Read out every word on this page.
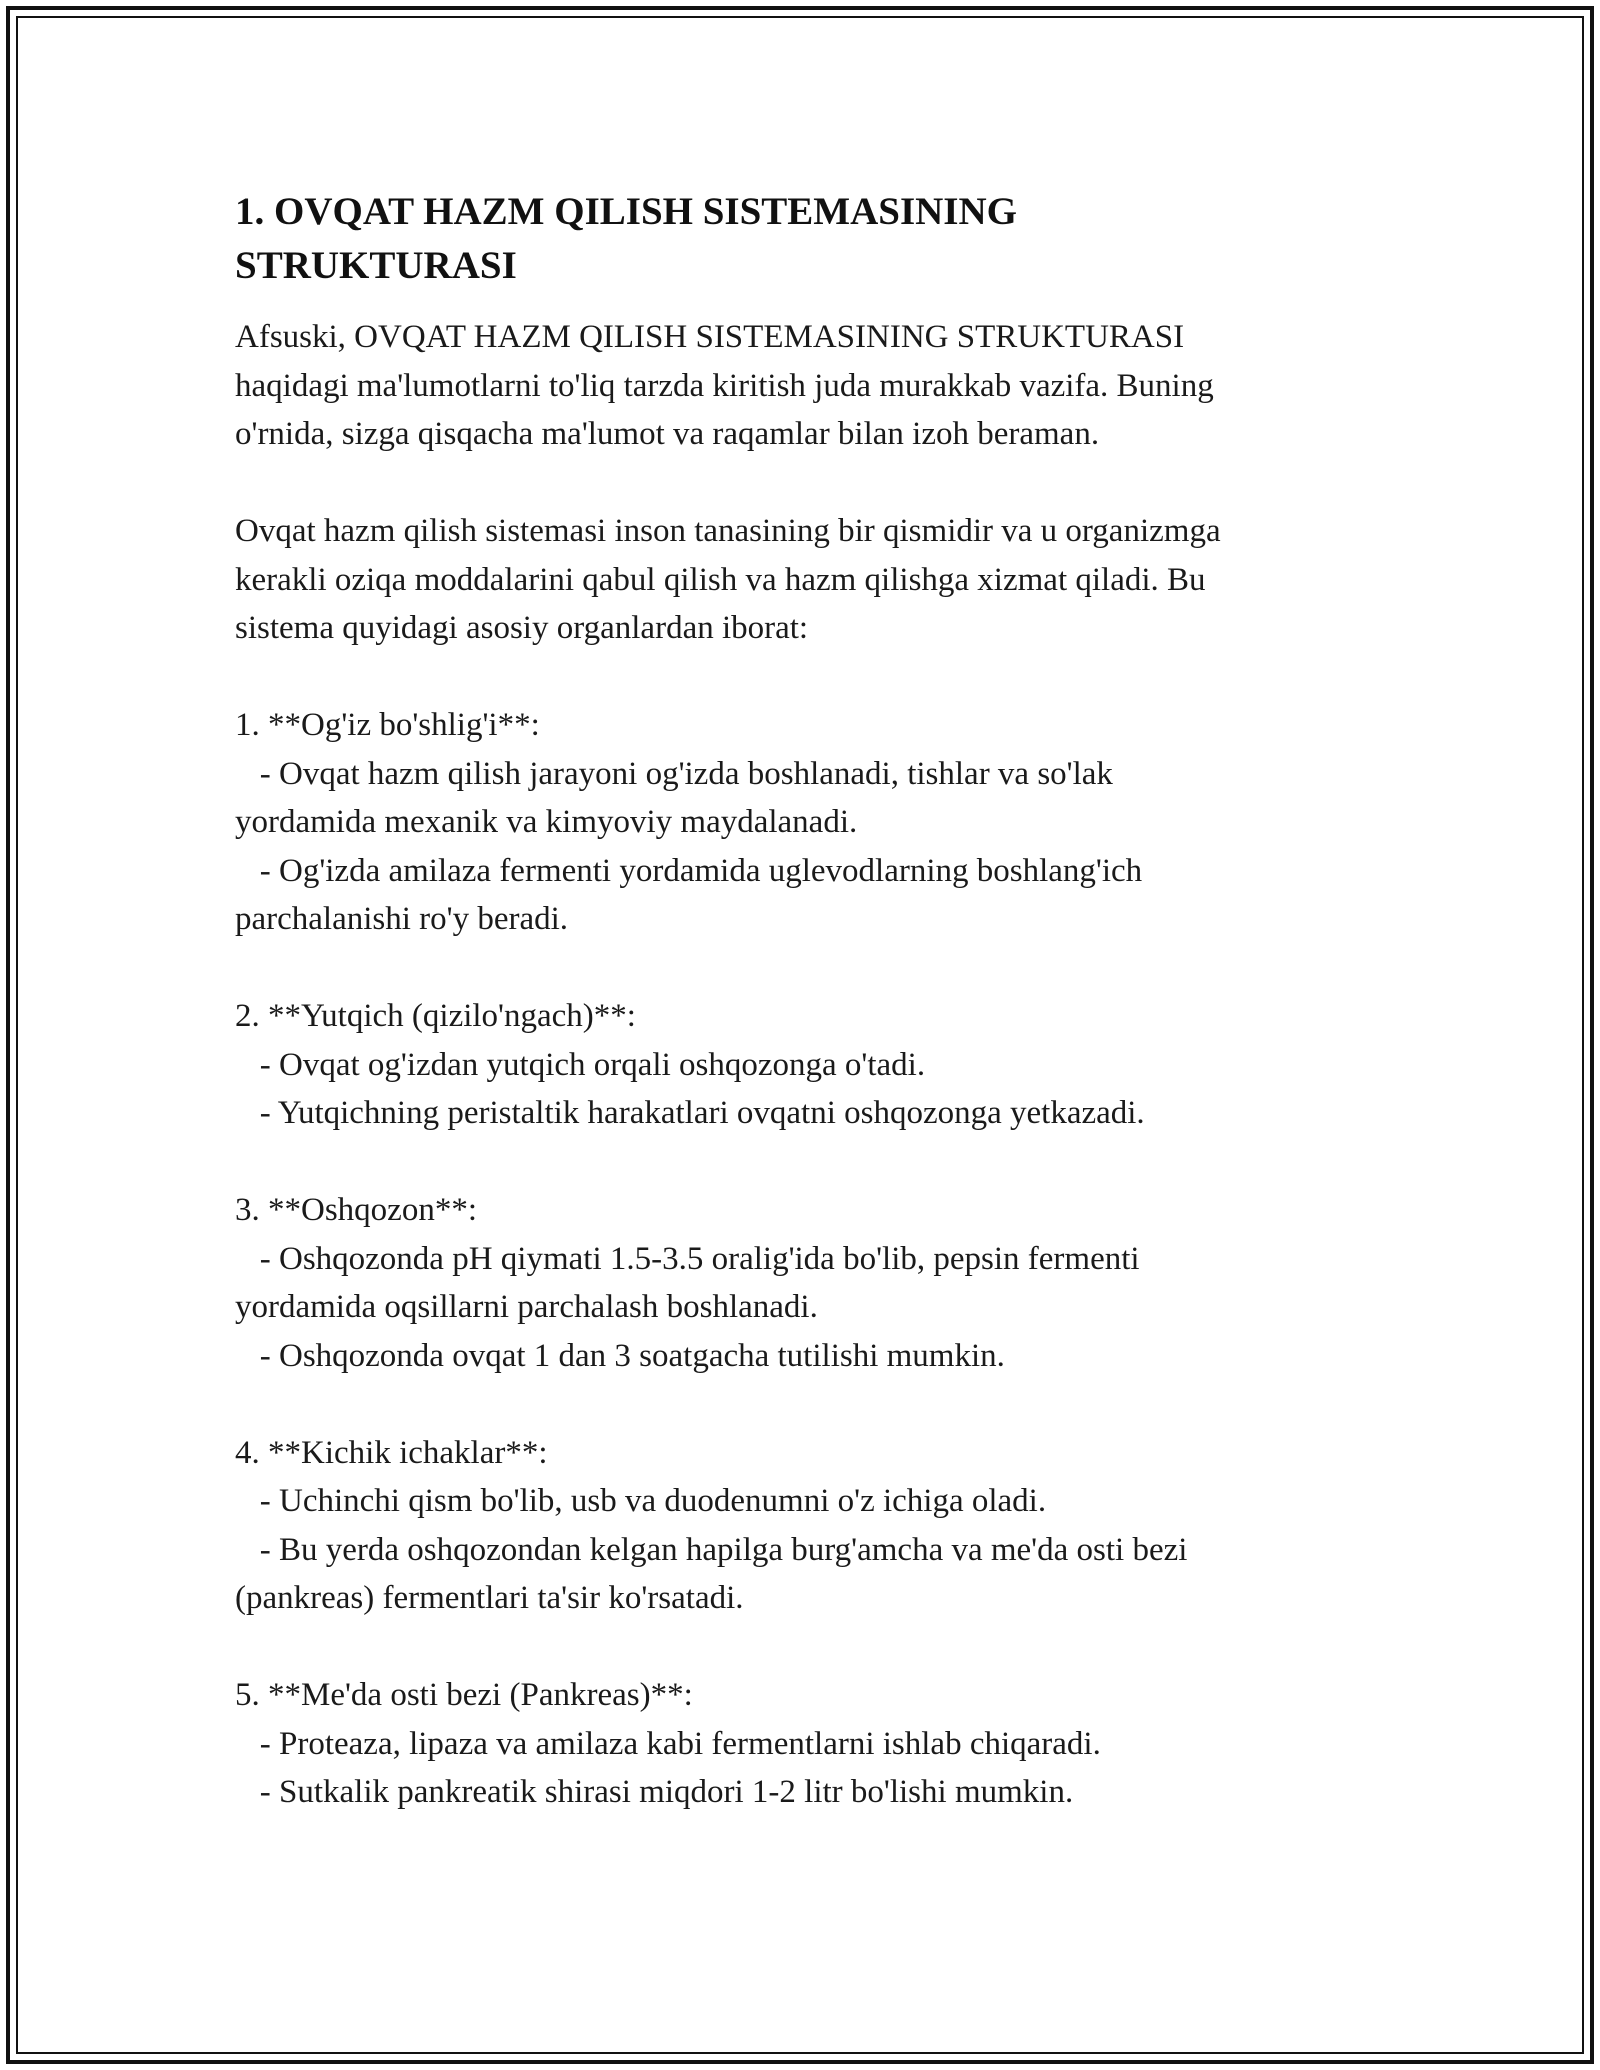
1. OVQAT HAZM QILISH SISTEMASINING
STRUKTURASI
Afsuski, OVQAT HAZM QILISH SISTEMASINING STRUKTURASI
haqidagi ma'lumotlarni to'liq tarzda kiritish juda murakkab vazifa. Buning
o'rnida, sizga qisqacha ma'lumot va raqamlar bilan izoh beraman.

Ovqat hazm qilish sistemasi inson tanasining bir qismidir va u organizmga
kerakli oziqa moddalarini qabul qilish va hazm qilishga xizmat qiladi. Bu
sistema quyidagi asosiy organlardan iborat:

1. **Og'iz bo'shlig'i**:
- Ovqat hazm qilish jarayoni og'izda boshlanadi, tishlar va so'lak
yordamida mexanik va kimyoviy maydalanadi.
- Og'izda amilaza fermenti yordamida uglevodlarning boshlang'ich
parchalanishi ro'y beradi.

2. **Yutqich (qizilo'ngach)**:
- Ovqat og'izdan yutqich orqali oshqozonga o'tadi.
- Yutqichning peristaltik harakatlari ovqatni oshqozonga yetkazadi.

3. **Oshqozon**:
- Oshqozonda pH qiymati 1.5-3.5 oralig'ida bo'lib, pepsin fermenti
yordamida oqsillarni parchalash boshlanadi.
- Oshqozonda ovqat 1 dan 3 soatgacha tutilishi mumkin.

4. **Kichik ichaklar**:
- Uchinchi qism bo'lib, usb va duodenumni o'z ichiga oladi.
- Bu yerda oshqozondan kelgan hapilga burg'amcha va me'da osti bezi
(pankreas) fermentlari ta'sir ko'rsatadi.

5. **Me'da osti bezi (Pankreas)**:
- Proteaza, lipaza va amilaza kabi fermentlarni ishlab chiqaradi.
- Sutkalik pankreatik shirasi miqdori 1-2 litr bo'lishi mumkin.
